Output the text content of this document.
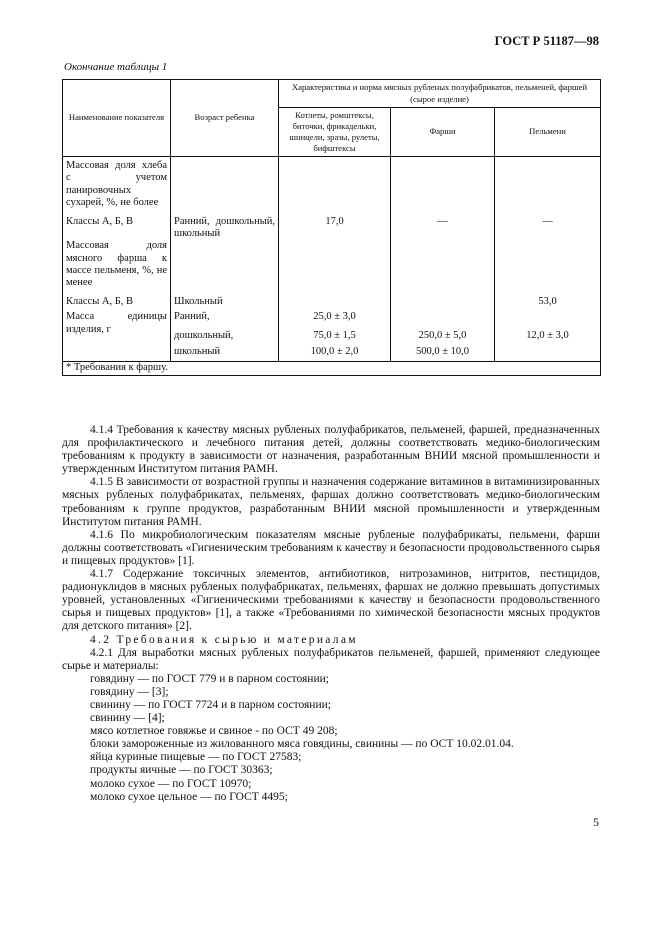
ГОСТ Р 51187—98
Окончание таблицы 1
Наименование показателя	Возраст ребенка	Характеристика и норма мясных рубленых полуфабрикатов, пельменей, фаршей (сырое изделие)		
		Котлеты, ромштексы, биточки, фрикадельки, шницели, зразы, рулеты, бифштексы	Фарши	Пельмени
Массовая доля хлеба с учетом панировочных сухарей, %, не более				
Классы А, Б, В	Ранний, дошкольный, школьный	17,0	—	—
Массовая доля мясного фарша к массе пельменя, %, не менее				
Классы А, Б, В	Школьный			53,0
Масса единицы изделия, г	Ранний,	25,0 ± 3,0		
	дошкольный,	75,0 ± 1,5	250,0 ± 5,0	12,0 ± 3,0
	школьный	100,0 ± 2,0	500,0 ± 10,0	
* Требования к фаршу.				

4.1.4 Требования к качеству мясных рубленых полуфабрикатов, пельменей, фаршей, предназначенных для профилактического и лечебного питания детей, должны соответствовать медико-биологическим требованиям к продукту в зависимости от назначения, разработанным ВНИИ мясной промышленности и утвержденным Институтом питания РАМН.

4.1.5 В зависимости от возрастной группы и назначения содержание витаминов в витаминизированных мясных рубленых полуфабрикатах, пельменях, фаршах должно соответствовать медико-биологическим требованиям к группе продуктов, разработанным ВНИИ мясной промышленности и утвержденным Институтом питания РАМН.

4.1.6 По микробиологическим показателям мясные рубленые полуфабрикаты, пельмени, фарши должны соответствовать «Гигиеническим требованиям к качеству и безопасности продовольственного сырья и пищевых продуктов» [1].

4.1.7 Содержание токсичных элементов, антибиотиков, нитрозаминов, нитритов, пестицидов, радионуклидов в мясных рубленых полуфабрикатах, пельменях, фаршах не должно превышать допустимых уровней, установленных «Гигиеническими требованиями к качеству и безопасности продовольственного сырья и пищевых продуктов» [1], а также «Требованиями по химической безопасности мясных продуктов для детского питания» [2].

4.2 Требования к сырью и материалам

4.2.1 Для выработки мясных рубленых полуфабрикатов пельменей, фаршей, применяют следующее сырье и материалы:

говядину — по ГОСТ 779 и в парном состоянии;
говядину — [3];
свинину — по ГОСТ 7724 и в парном состоянии;
свинину — [4];
мясо котлетное говяжье и свиное - по ОСТ 49 208;
блоки замороженные из жилованного мяса говядины, свинины — по ОСТ 10.02.01.04.
яйца куриные пищевые — по ГОСТ 27583;
продукты яичные — по ГОСТ 30363;
молоко сухое — по ГОСТ 10970;
молоко сухое цельное — по ГОСТ 4495;
5
